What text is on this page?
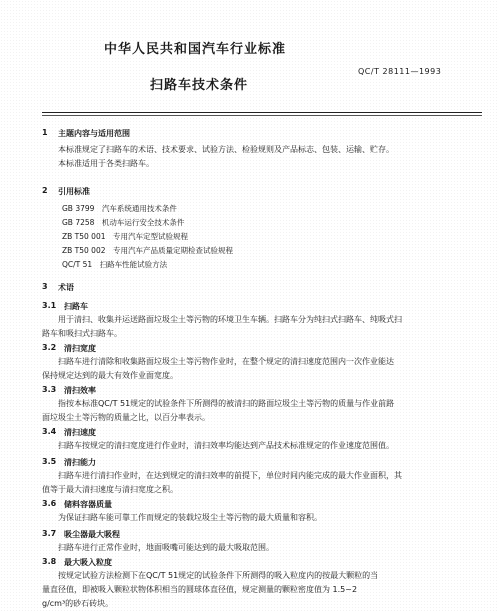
中华人民共和国汽车行业标准
QC/T 28111—1993
扫路车技术条件
1 主题内容与适用范围
本标准规定了扫路车的术语、技术要求、试验方法、检验规则及产品标志、包装、运输、贮存。
本标准适用于各类扫路车。
2 引用标准
GB 3799　汽车系统通用技术条件
GB 7258　机动车运行安全技术条件
ZB T50 001　专用汽车定型试验规程
ZB T50 002　专用汽车产品质量定期检查试验规程
QC/T 51　扫路车性能试验方法
3 术语
3.1 扫路车
用于清扫、收集并运送路面垃圾尘土等污物的环境卫生车辆。扫路车分为纯扫式扫路车、纯吸式扫
路车和吸扫式扫路车。
3.2 清扫宽度
扫路车进行清除和收集路面垃圾尘土等污物作业时，在整个规定的清扫速度范围内一次作业能达
保持规定达到的最大有效作业面宽度。
3.3 清扫效率
指按本标准QC/T 51规定的试验条件下所测得的被清扫的路面垃圾尘土等污物的质量与作业前路
面垃圾尘土等污物的质量之比，以百分率表示。
3.4 清扫速度
扫路车按规定的清扫宽度进行作业时，清扫效率均能达到产品技术标准规定的作业速度范围值。
3.5 清扫能力
扫路车进行清扫作业时，在达到规定的清扫效率的前提下，单位时间内能完成的最大作业面积，其
值等于最大清扫速度与清扫宽度之积。
3.6 储料容器质量
为保证扫路车能可靠工作而规定的装载垃圾尘土等污物的最大质量和容积。
3.7 吸尘器最大吸程
扫路车进行正常作业时，地面吸嘴可能达到的最大吸取范围。
3.8 最大吸入粒度
按规定试验方法检测下在QC/T 51规定的试验条件下所测得的吸入粒度内的按最大颗粒的当
量直径值，即被吸入颗粒状物体积相当的圆球体直径值，规定测量的颗粒密度值为 1.5~2
g/cm³的砂石砖块。
